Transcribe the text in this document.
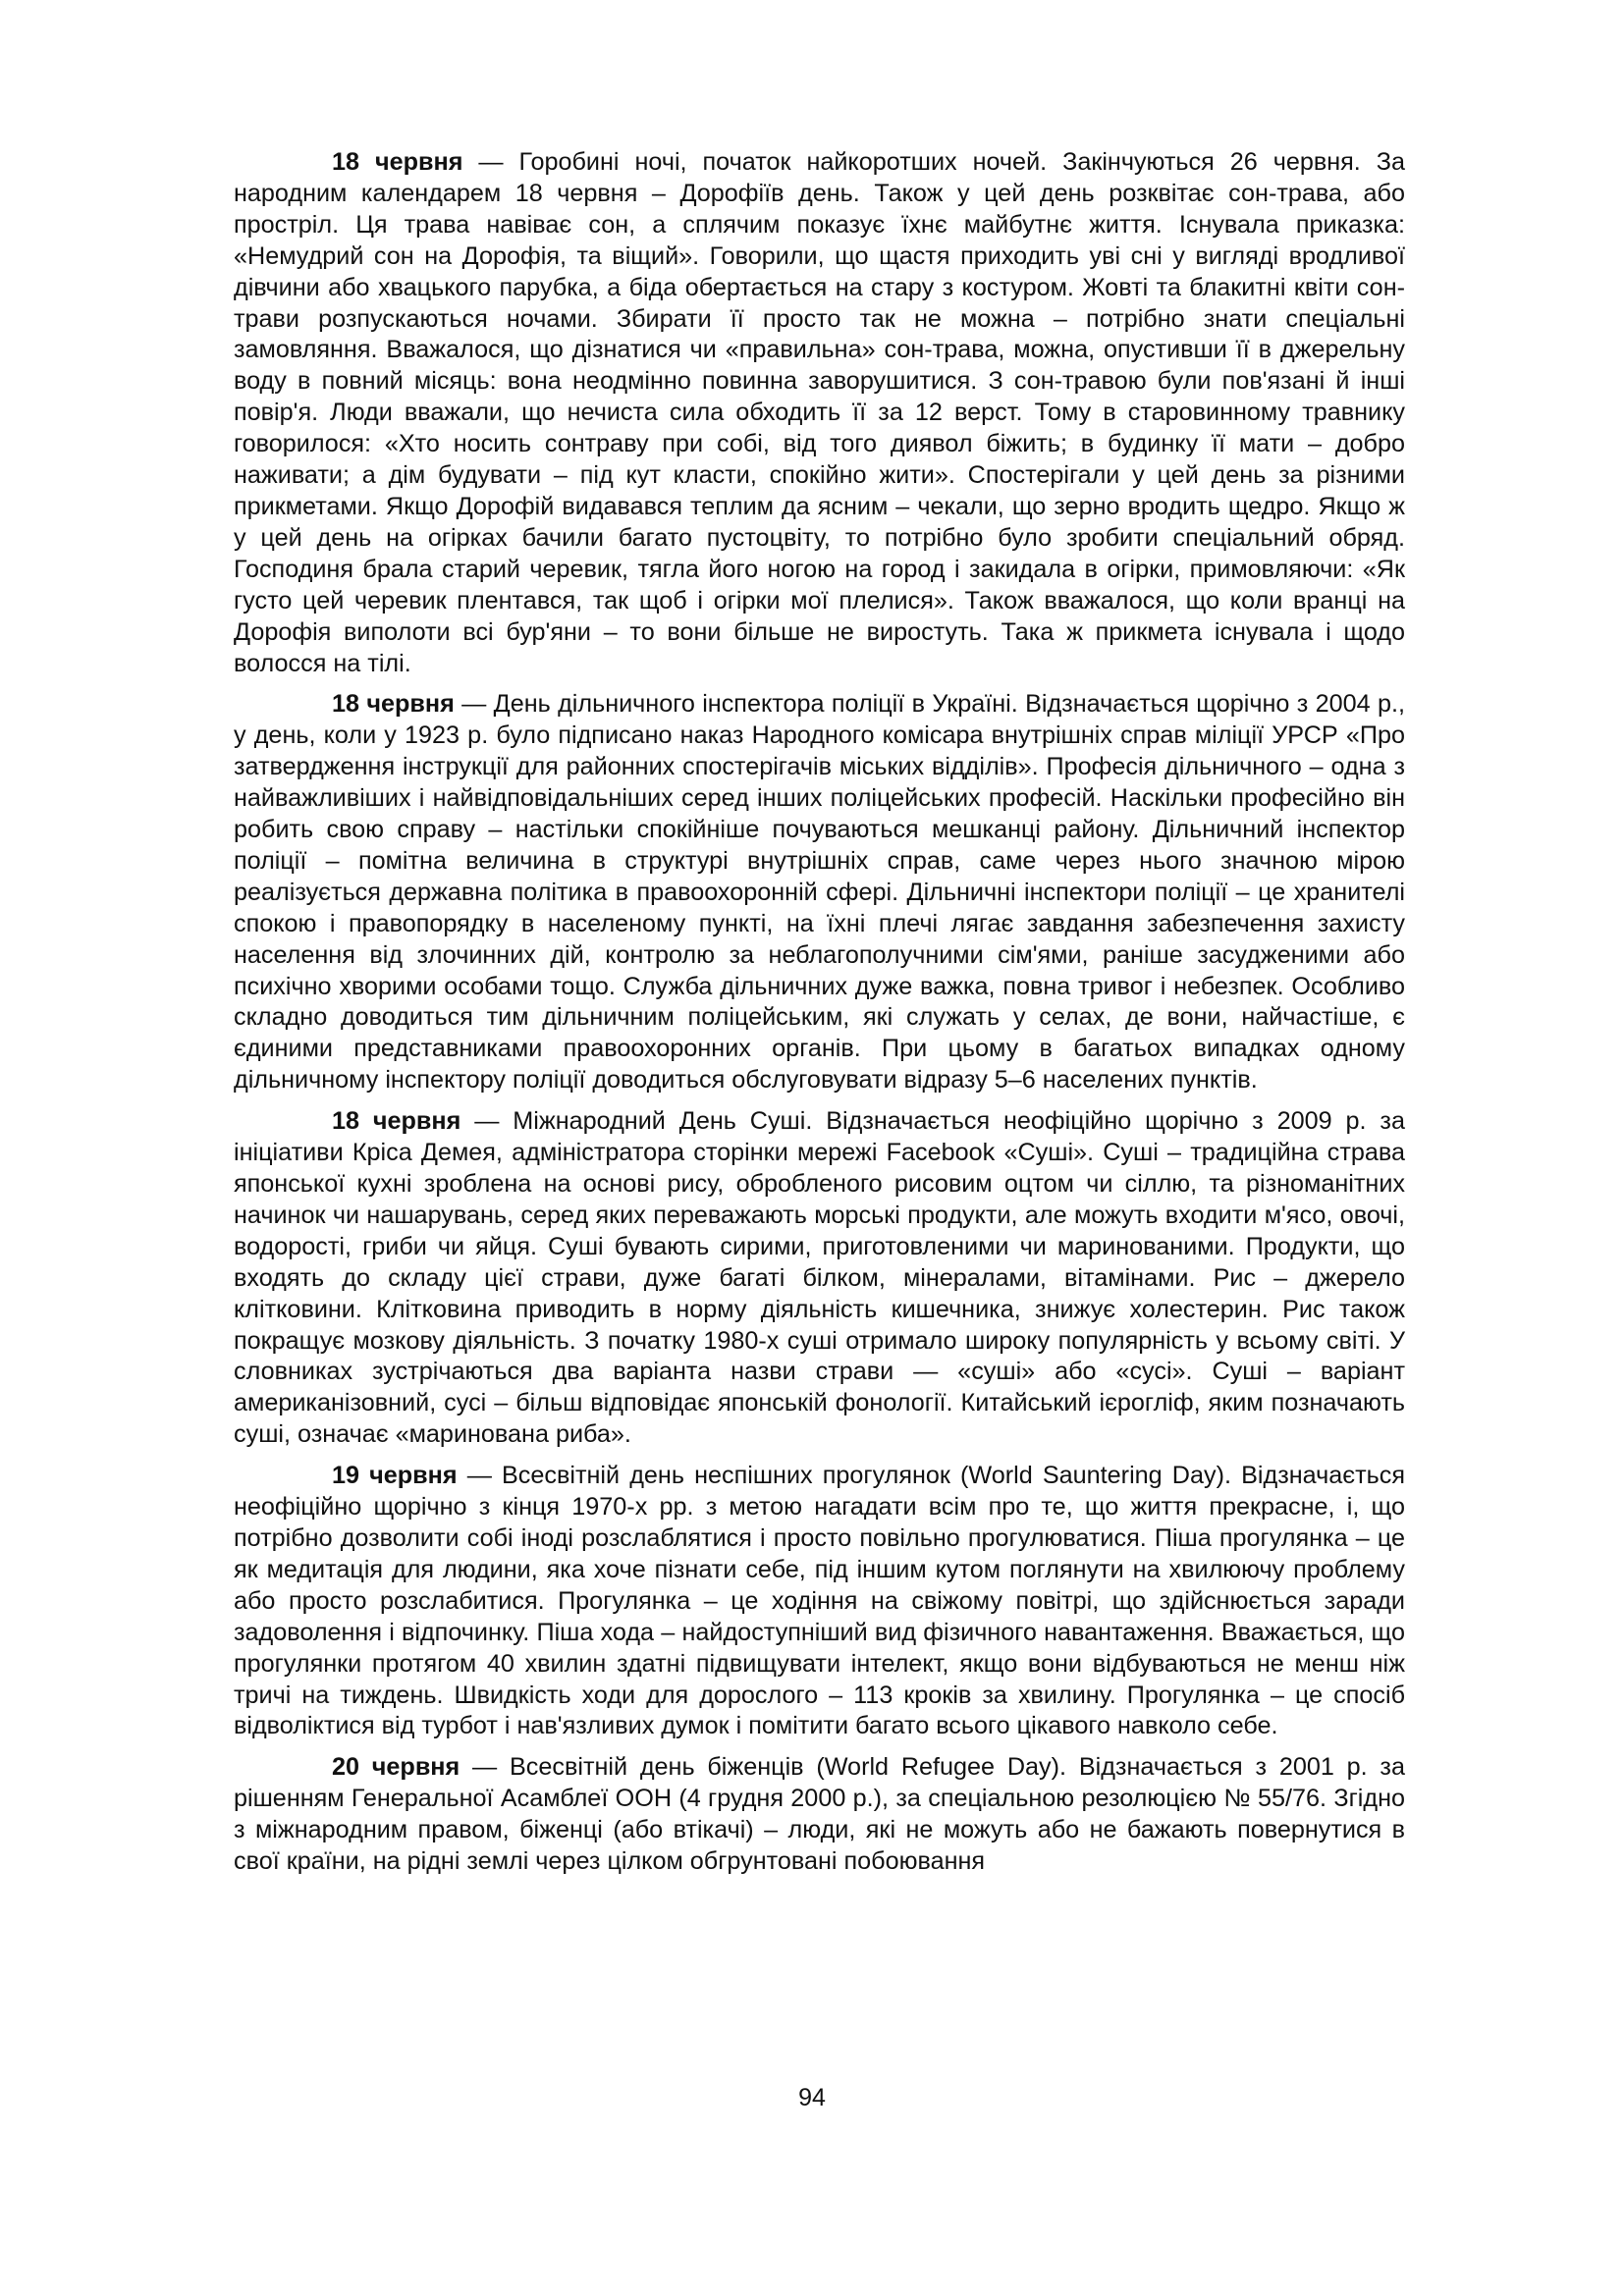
18 червня — Горобині ночі, початок найкоротших ночей. Закінчуються 26 червня. За народним календарем 18 червня – Дорофіїв день. Також у цей день розквітає сон-трава, або прострiл. Ця трава навіває сон, а сплячим показує їхнє майбутнє життя. Існувала приказка: «Немудрий сон на Дорофія, та віщий». Говорили, що щастя приходить уві сні у вигляді вродливої дівчини або хвацького парубка, а біда обертається на стару з костуром. Жовті та блакитні квіти сон-трави розпускаються ночами. Збирати її просто так не можна – потрібно знати спеціальні замовляння. Вважалося, що дізнатися чи «правильна» сон-трава, можна, опустивши її в джерельну воду в повний місяць: вона неодмінно повинна заворушитися. З сон-травою були пов'язані й інші повір'я. Люди вважали, що нечиста сила обходить її за 12 верст. Тому в старовинному травнику говорилося: «Хто носить сонтраву при собі, від того диявол біжить; в будинку її мати – добро наживати; а дім будувати – під кут класти, спокійно жити». Спостерігали у цей день за різними прикметами. Якщо Дорофій видавався теплим да ясним – чекали, що зерно вродить щедро. Якщо ж у цей день на огірках бачили багато пустоцвіту, то потрібно було зробити спеціальний обряд. Господиня брала старий черевик, тягла його ногою на город і закидала в огірки, примовляючи: «Як густо цей черевик плентався, так щоб і огірки мої плелися». Також вважалося, що коли вранці на Дорофія виполоти всі бур'яни – то вони більше не виростуть. Така ж прикмета існувала і щодо волосся на тілі.

18 червня — День дільничного інспектора поліції в Україні. Відзначається щорічно з 2004 р., у день, коли у 1923 р. було підписано наказ Народного комісара внутрішніх справ міліції УРСР «Про затвердження інструкції для районних спостерігачів міських відділів». Професія дільничного – одна з найважливіших і найвідповідальніших серед інших поліцейських професій. Наскільки професійно він робить свою справу – настільки спокійніше почуваються мешканці району. Дільничний інспектор поліції – помітна величина в структурі внутрішніх справ, саме через нього значною мірою реалізується державна політика в правоохоронній сфері. Дільничні інспектори поліції – це хранителі спокою і правопорядку в населеному пункті, на їхні плечі лягає завдання забезпечення захисту населення від злочинних дій, контролю за неблагополучними сім'ями, раніше засудженими або психічно хворими особами тощо. Служба дільничних дуже важка, повна тривог і небезпек. Особливо складно доводиться тим дільничним поліцейським, які служать у селах, де вони, найчастіше, є єдиними представниками правоохоронних органів. При цьому в багатьох випадках одному дільничному інспектору поліції доводиться обслуговувати відразу 5–6 населених пунктів.

18 червня — Міжнародний День Суші. Відзначається неофіційно щорічно з 2009 р. за ініціативи Кріса Демея, адміністратора сторінки мережі Facebook «Суші». Суші – традиційна страва японської кухні зроблена на основі рису, обробленого рисовим оцтом чи сіллю, та різноманітних начинок чи нашарувань, серед яких переважають морські продукти, але можуть входити м'ясо, овочі, водорості, гриби чи яйця. Суші бувають сирими, приготовленими чи маринованими. Продукти, що входять до складу цієї страви, дуже багаті білком, мінералами, вітамінами. Рис – джерело клітковини. Клітковина приводить в норму діяльність кишечника, знижує холестерин. Рис також покращує мозкову діяльність. З початку 1980-х суші отримало широку популярність у всьому світі. У словниках зустрічаються два варіанта назви страви — «суші» або «сусі». Суші – варіант американізовний, сусі – більш відповідає японській фонології. Китайський ієрогліф, яким позначають суші, означає «маринована риба».

19 червня — Всесвітній день неспішних прогулянок (World Sauntering Day). Відзначається неофіційно щорічно з кінця 1970-х рр. з метою нагадати всім про те, що життя прекрасне, і, що потрібно дозволити собі іноді розслаблятися і просто повільно прогулюватися. Піша прогулянка – це як медитація для людини, яка хоче пізнати себе, під іншим кутом поглянути на хвилюючу проблему або просто розслабитися. Прогулянка – це ходіння на свіжому повітрі, що здійснюється заради задоволення і відпочинку. Піша хода – найдоступніший вид фізичного навантаження. Вважається, що прогулянки протягом 40 хвилин здатні підвищувати інтелект, якщо вони відбуваються не менш ніж тричі на тиждень. Швидкість ходи для дорослого – 113 кроків за хвилину. Прогулянка – це спосіб відволіктися від турбот і нав'язливих думок і помітити багато всього цікавого навколо себе.

20 червня — Всесвітній день біженців (World Refugee Day). Відзначається з 2001 р. за рішенням Генеральної Асамблеї ООН (4 грудня 2000 р.), за спеціальною резолюцією № 55/76. Згідно з міжнародним правом, біженці (або втікачі) – люди, які не можуть або не бажають повернутися в свої країни, на рідні землі через цілком обгрунтовані побоювання

94
